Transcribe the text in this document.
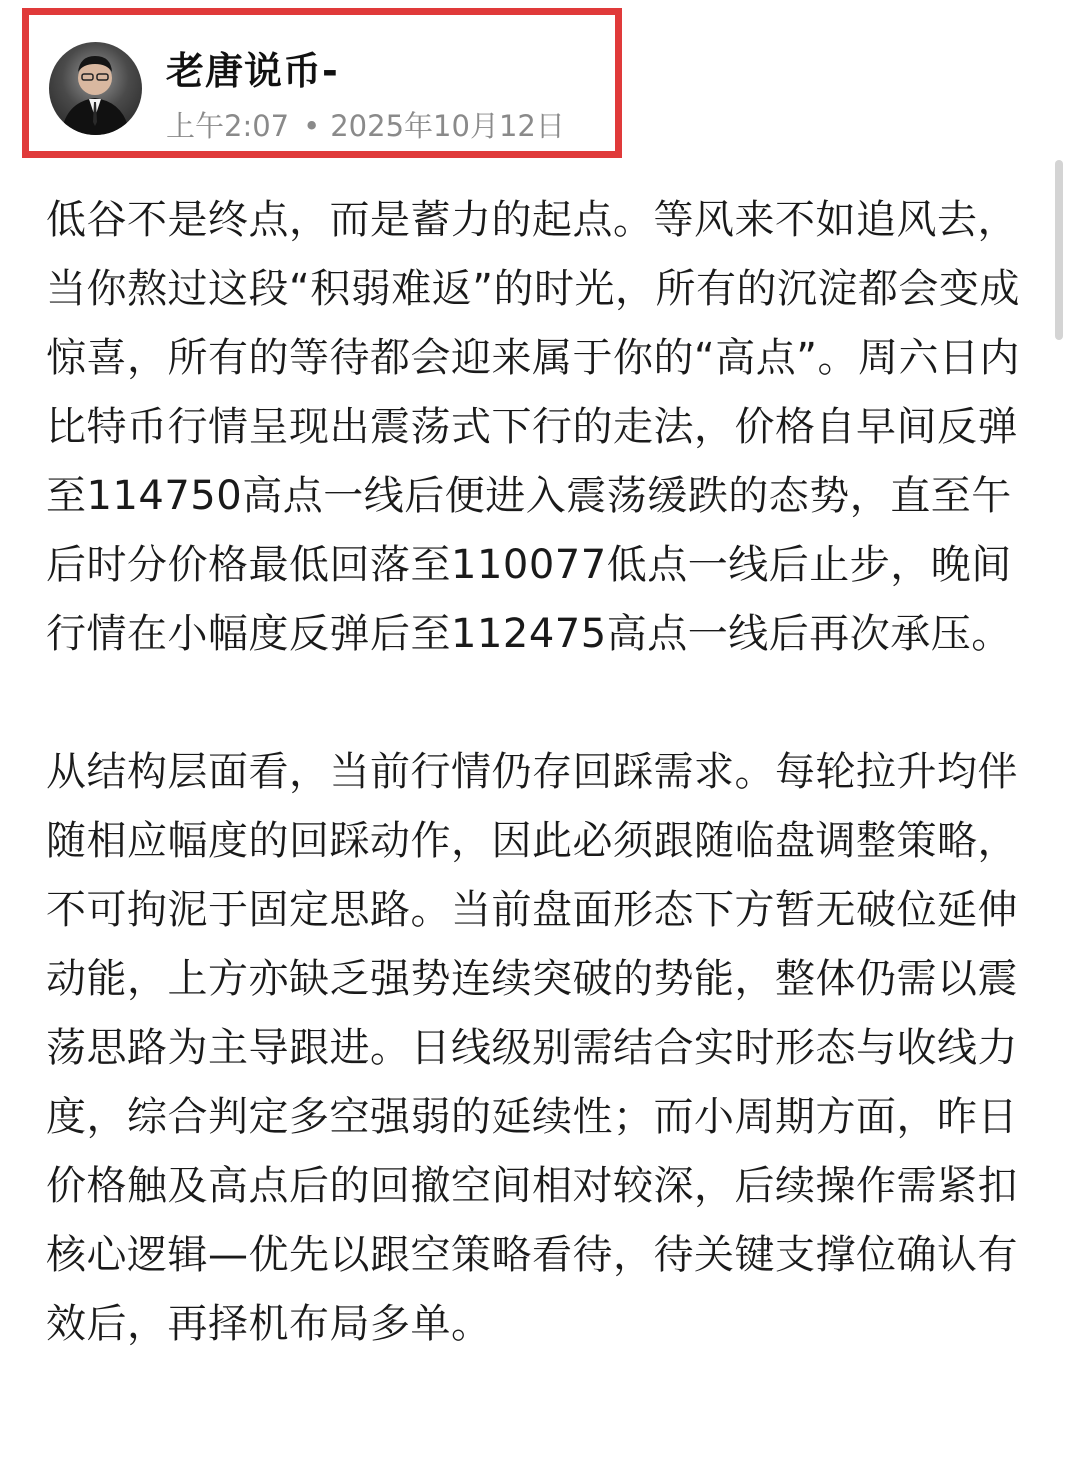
老唐说币-
上午2:07 • 2025年10月12日

低谷不是终点，而是蓄力的起点。等风来不如追风去，当你熬过这段“积弱难返”的时光，所有的沉淀都会变成惊喜，所有的等待都会迎来属于你的“高点”。周六日内比特币行情呈现出震荡式下行的走法，价格自早间反弹至114750高点一线后便进入震荡缓跌的态势，直至午后时分价格最低回落至110077低点一线后止步，晚间行情在小幅度反弹后至112475高点一线后再次承压。

从结构层面看，当前行情仍存回踩需求。每轮拉升均伴随相应幅度的回踩动作，因此必须跟随临盘调整策略，不可拘泥于固定思路。当前盘面形态下方暂无破位延伸动能，上方亦缺乏强势连续突破的势能，整体仍需以震荡思路为主导跟进。日线级别需结合实时形态与收线力度，综合判定多空强弱的延续性；而小周期方面，昨日价格触及高点后的回撤空间相对较深，后续操作需紧扣核心逻辑—优先以跟空策略看待，待关键支撑位确认有效后，再择机布局多单。
